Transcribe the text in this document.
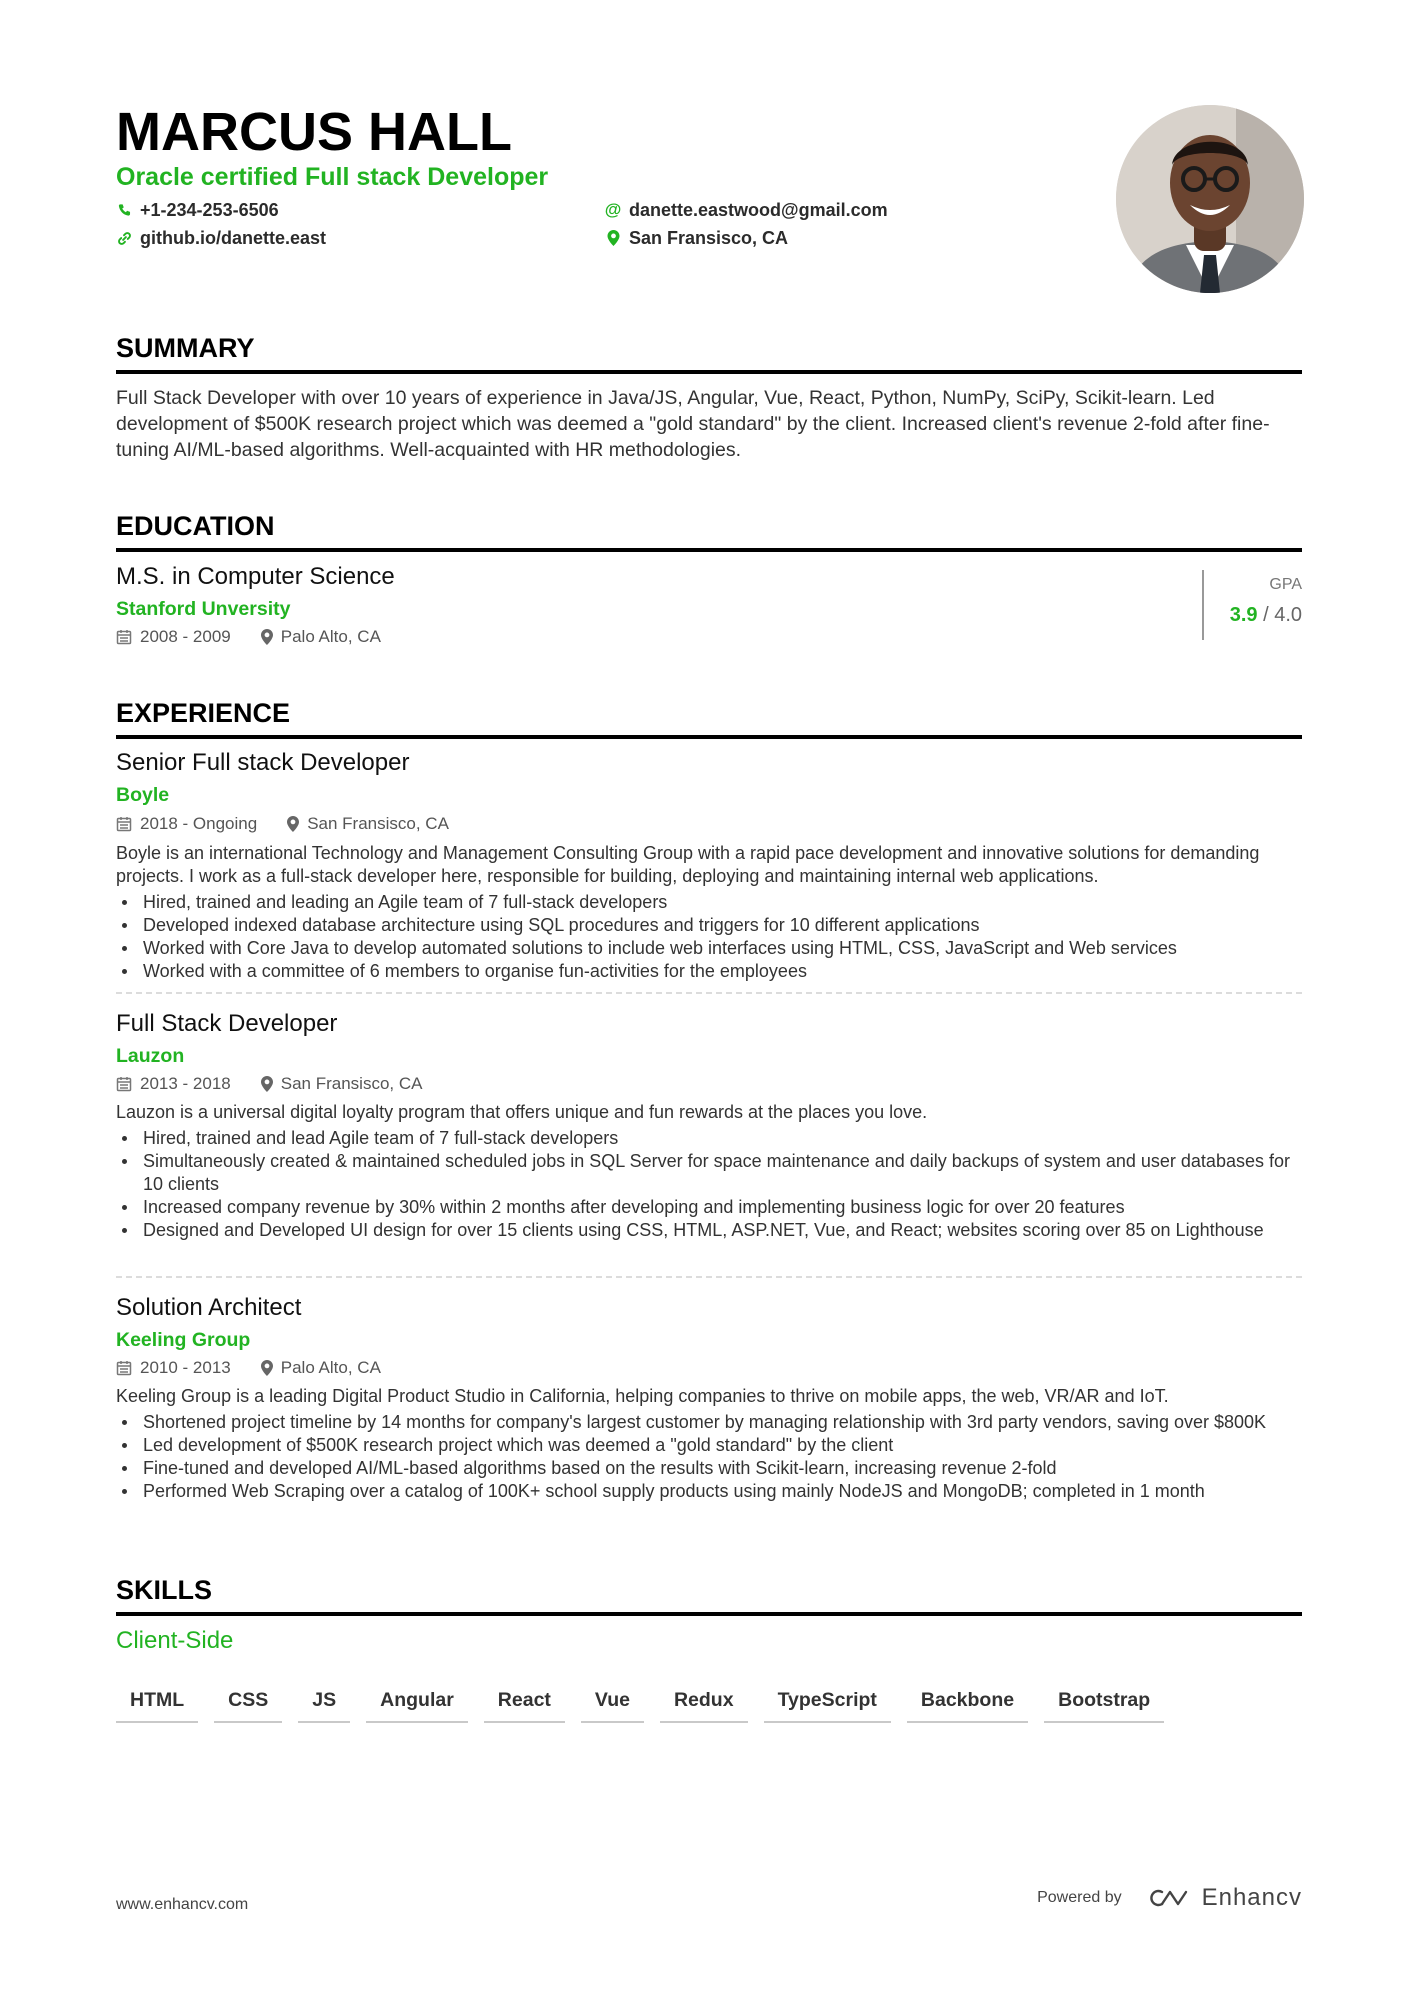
MARCUS HALL
Oracle certified Full stack Developer
+1-234-253-6506	@ danette.eastwood@gmail.com
github.io/danette.east	San Fransisco, CA
SUMMARY
Full Stack Developer with over 10 years of experience in Java/JS, Angular, Vue, React, Python, NumPy, SciPy, Scikit-learn. Led development of $500K research project which was deemed a "gold standard" by the client. Increased client's revenue 2-fold after fine-tuning AI/ML-based algorithms. Well-acquainted with HR methodologies.
EDUCATION
M.S. in Computer Science
Stanford Unversity
2008 - 2009	Palo Alto, CA
GPA
3.9 / 4.0
EXPERIENCE
Senior Full stack Developer
Boyle
2018 - Ongoing	San Fransisco, CA
Boyle is an international Technology and Management Consulting Group with a rapid pace development and innovative solutions for demanding projects. I work as a full-stack developer here, responsible for building, deploying and maintaining internal web applications.
Hired, trained and leading an Agile team of 7 full-stack developers
Developed indexed database architecture using SQL procedures and triggers for 10 different applications
Worked with Core Java to develop automated solutions to include web interfaces using HTML, CSS, JavaScript and Web services
Worked with a committee of 6 members to organise fun-activities for the employees
Full Stack Developer
Lauzon
2013 - 2018	San Fransisco, CA
Lauzon is a universal digital loyalty program that offers unique and fun rewards at the places you love.
Hired, trained and lead Agile team of 7 full-stack developers
Simultaneously created & maintained scheduled jobs in SQL Server for space maintenance and daily backups of system and user databases for 10 clients
Increased company revenue by 30% within 2 months after developing and implementing business logic for over 20 features
Designed and Developed UI design for over 15 clients using CSS, HTML, ASP.NET, Vue, and React; websites scoring over 85 on Lighthouse
Solution Architect
Keeling Group
2010 - 2013	Palo Alto, CA
Keeling Group is a leading Digital Product Studio in California, helping companies to thrive on mobile apps, the web, VR/AR and IoT.
Shortened project timeline by 14 months for company's largest customer by managing relationship with 3rd party vendors, saving over $800K
Led development of $500K research project which was deemed a "gold standard" by the client
Fine-tuned and developed AI/ML-based algorithms based on the results with Scikit-learn, increasing revenue 2-fold
Performed Web Scraping over a catalog of 100K+ school supply products using mainly NodeJS and MongoDB; completed in 1 month
SKILLS
Client-Side
HTML	CSS	JS	Angular	React	Vue	Redux	TypeScript	Backbone	Bootstrap
www.enhancv.com	Powered by	Enhancv
